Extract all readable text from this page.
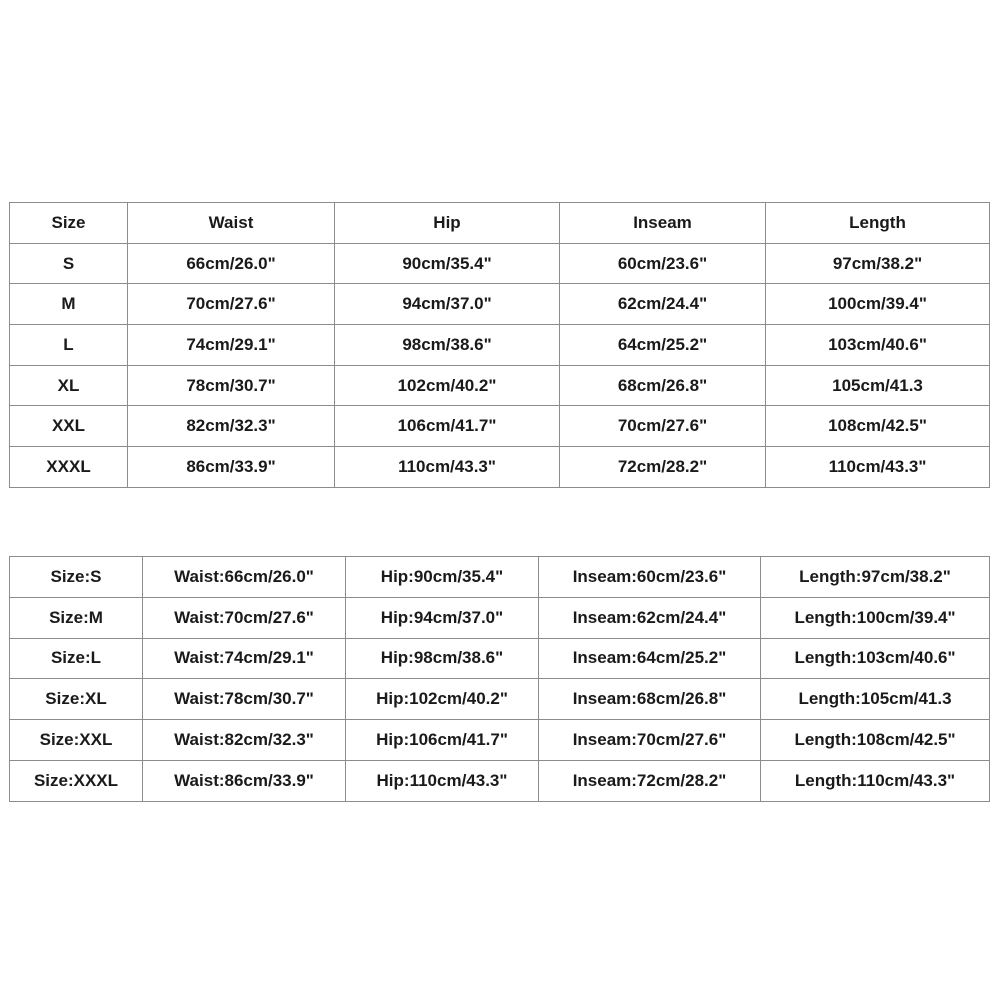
Size	Waist	Hip	Inseam	Length
S	66cm/26.0"	90cm/35.4"	60cm/23.6"	97cm/38.2"
M	70cm/27.6"	94cm/37.0"	62cm/24.4"	100cm/39.4"
L	74cm/29.1"	98cm/38.6"	64cm/25.2"	103cm/40.6"
XL	78cm/30.7"	102cm/40.2"	68cm/26.8"	105cm/41.3
XXL	82cm/32.3"	106cm/41.7"	70cm/27.6"	108cm/42.5"
XXXL	86cm/33.9"	110cm/43.3"	72cm/28.2"	110cm/43.3"
Size:S	Waist:66cm/26.0"	Hip:90cm/35.4"	Inseam:60cm/23.6"	Length:97cm/38.2"
Size:M	Waist:70cm/27.6"	Hip:94cm/37.0"	Inseam:62cm/24.4"	Length:100cm/39.4"
Size:L	Waist:74cm/29.1"	Hip:98cm/38.6"	Inseam:64cm/25.2"	Length:103cm/40.6"
Size:XL	Waist:78cm/30.7"	Hip:102cm/40.2"	Inseam:68cm/26.8"	Length:105cm/41.3
Size:XXL	Waist:82cm/32.3"	Hip:106cm/41.7"	Inseam:70cm/27.6"	Length:108cm/42.5"
Size:XXXL	Waist:86cm/33.9"	Hip:110cm/43.3"	Inseam:72cm/28.2"	Length:110cm/43.3"
